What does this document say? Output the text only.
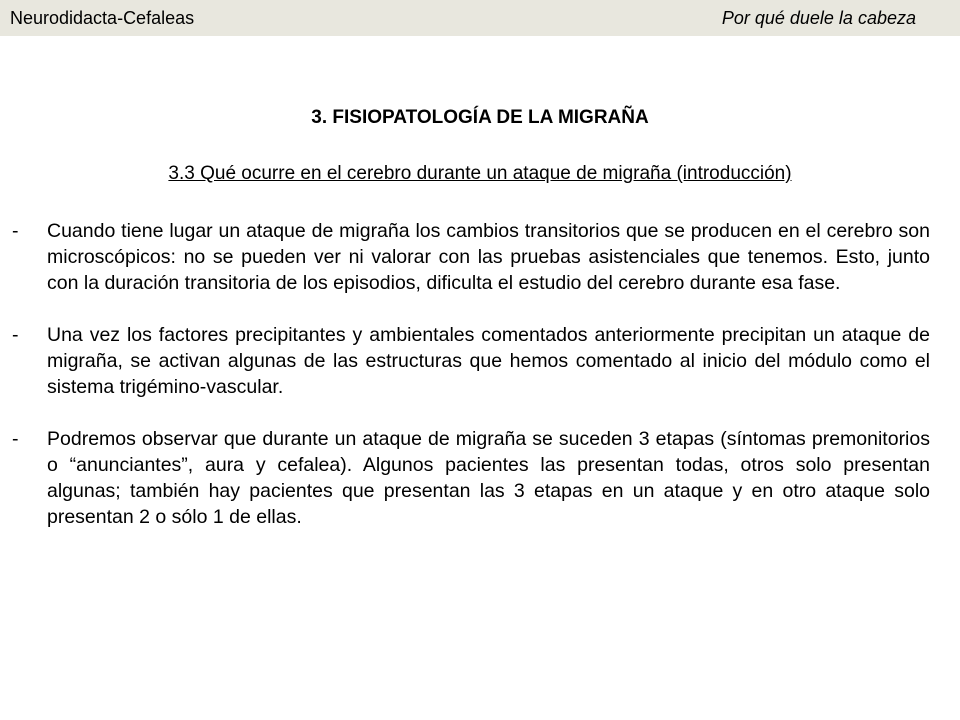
Neurodidacta-Cefaleas	Por qué duele la cabeza
3. FISIOPATOLOGÍA DE LA MIGRAÑA
3.3 Qué ocurre en el cerebro durante un ataque de migraña (introducción)
- Cuando tiene lugar un ataque de migraña los cambios transitorios que se producen en el cerebro son microscópicos: no se pueden ver ni valorar con las pruebas asistenciales que tenemos. Esto, junto con la duración transitoria de los episodios, dificulta el estudio del cerebro durante esa fase.
- Una vez los factores precipitantes y ambientales comentados anteriormente precipitan un ataque de migraña, se activan algunas de las estructuras que hemos comentado al inicio del módulo como el sistema trigémino-vascular.
- Podremos observar que durante un ataque de migraña se suceden 3 etapas (síntomas premonitorios o “anunciantes”, aura y cefalea). Algunos pacientes las presentan todas, otros solo presentan algunas; también hay pacientes que presentan las 3 etapas en un ataque y en otro ataque solo presentan 2 o sólo 1 de ellas.
